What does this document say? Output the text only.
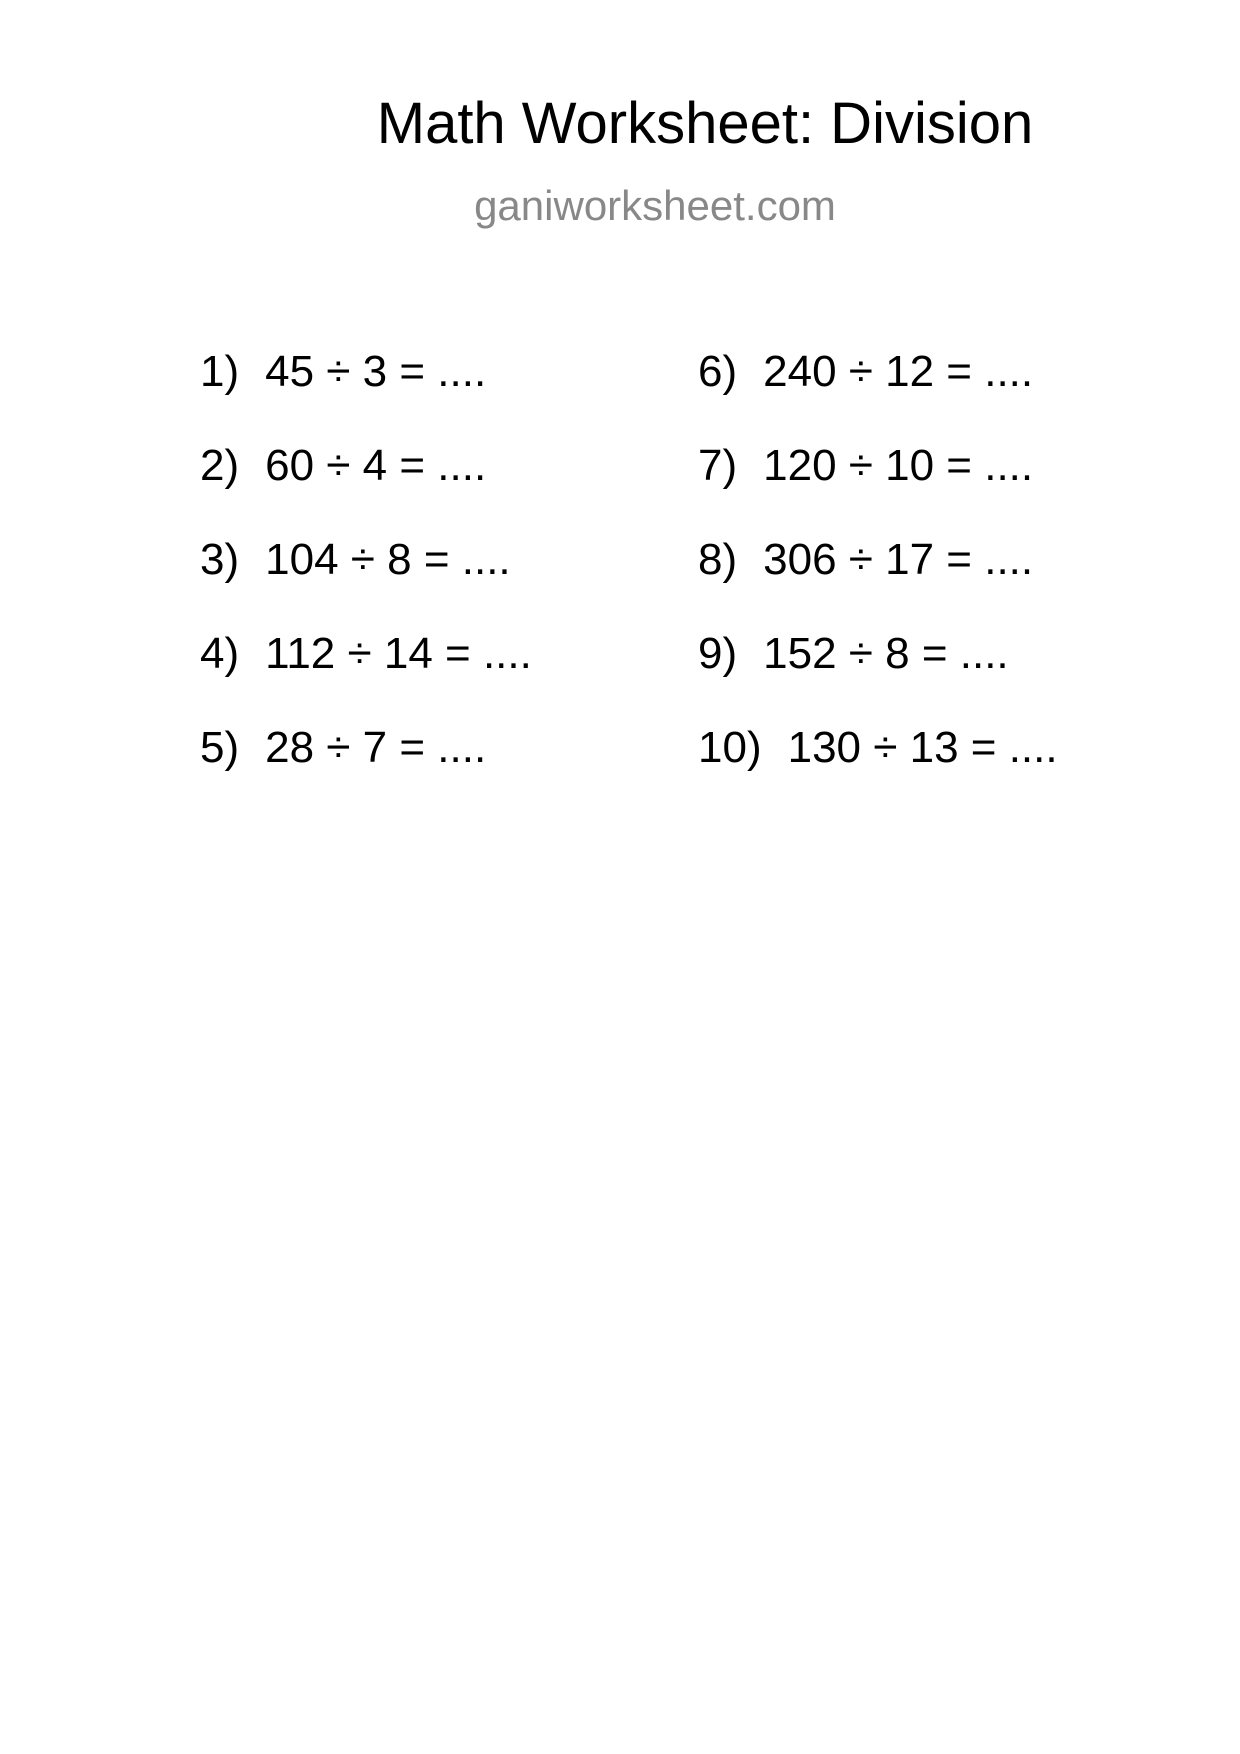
Math Worksheet: Division
ganiworksheet.com
1) 45 ÷ 3 = ....
2) 60 ÷ 4 = ....
3) 104 ÷ 8 = ....
4) 112 ÷ 14 = ....
5) 28 ÷ 7 = ....
6) 240 ÷ 12 = ....
7) 120 ÷ 10 = ....
8) 306 ÷ 17 = ....
9) 152 ÷ 8 = ....
10) 130 ÷ 13 = ....
